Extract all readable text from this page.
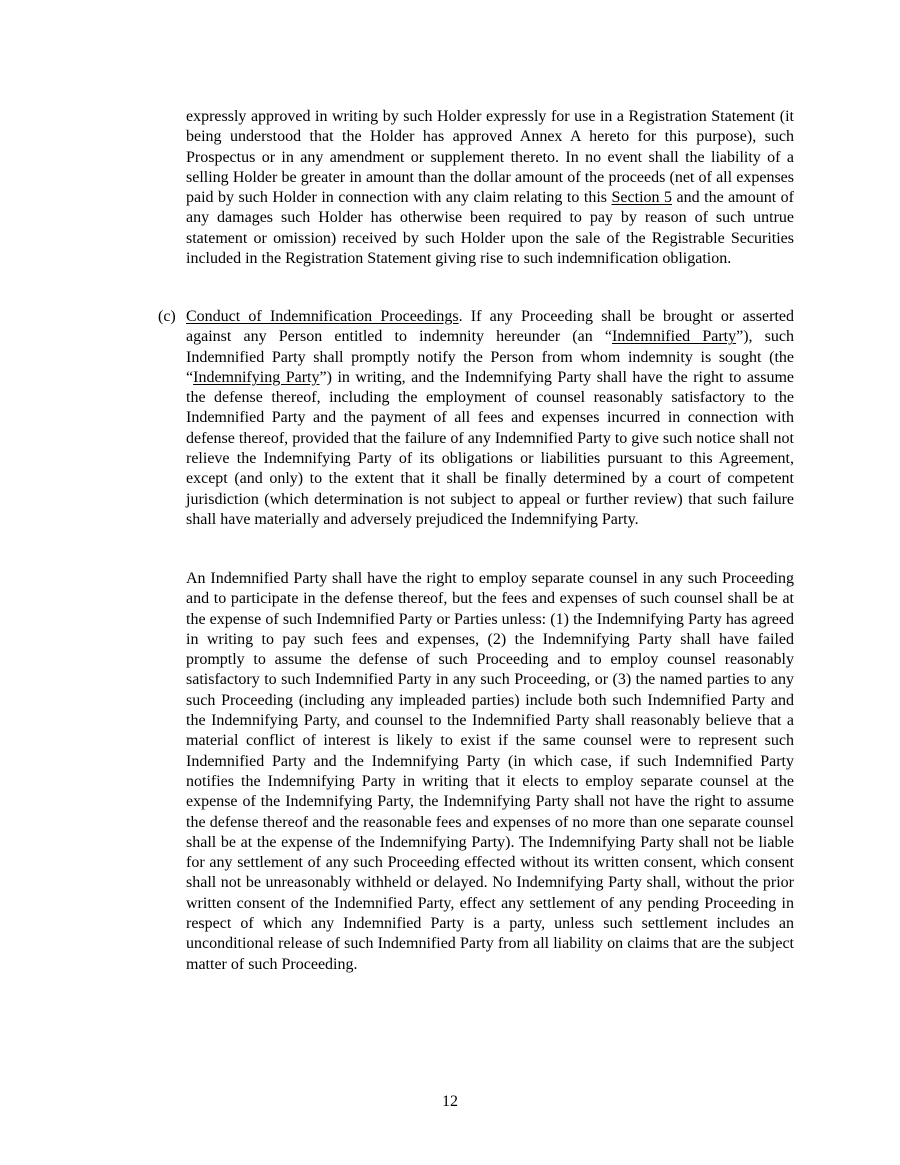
expressly approved in writing by such Holder expressly for use in a Registration Statement (it being understood that the Holder has approved Annex A hereto for this purpose), such Prospectus or in any amendment or supplement thereto. In no event shall the liability of a selling Holder be greater in amount than the dollar amount of the proceeds (net of all expenses paid by such Holder in connection with any claim relating to this Section 5 and the amount of any damages such Holder has otherwise been required to pay by reason of such untrue statement or omission) received by such Holder upon the sale of the Registrable Securities included in the Registration Statement giving rise to such indemnification obligation.

(c) Conduct of Indemnification Proceedings. If any Proceeding shall be brought or asserted against any Person entitled to indemnity hereunder (an “Indemnified Party”), such Indemnified Party shall promptly notify the Person from whom indemnity is sought (the “Indemnifying Party”) in writing, and the Indemnifying Party shall have the right to assume the defense thereof, including the employment of counsel reasonably satisfactory to the Indemnified Party and the payment of all fees and expenses incurred in connection with defense thereof, provided that the failure of any Indemnified Party to give such notice shall not relieve the Indemnifying Party of its obligations or liabilities pursuant to this Agreement, except (and only) to the extent that it shall be finally determined by a court of competent jurisdiction (which determination is not subject to appeal or further review) that such failure shall have materially and adversely prejudiced the Indemnifying Party.

An Indemnified Party shall have the right to employ separate counsel in any such Proceeding and to participate in the defense thereof, but the fees and expenses of such counsel shall be at the expense of such Indemnified Party or Parties unless: (1) the Indemnifying Party has agreed in writing to pay such fees and expenses, (2) the Indemnifying Party shall have failed promptly to assume the defense of such Proceeding and to employ counsel reasonably satisfactory to such Indemnified Party in any such Proceeding, or (3) the named parties to any such Proceeding (including any impleaded parties) include both such Indemnified Party and the Indemnifying Party, and counsel to the Indemnified Party shall reasonably believe that a material conflict of interest is likely to exist if the same counsel were to represent such Indemnified Party and the Indemnifying Party (in which case, if such Indemnified Party notifies the Indemnifying Party in writing that it elects to employ separate counsel at the expense of the Indemnifying Party, the Indemnifying Party shall not have the right to assume the defense thereof and the reasonable fees and expenses of no more than one separate counsel shall be at the expense of the Indemnifying Party). The Indemnifying Party shall not be liable for any settlement of any such Proceeding effected without its written consent, which consent shall not be unreasonably withheld or delayed. No Indemnifying Party shall, without the prior written consent of the Indemnified Party, effect any settlement of any pending Proceeding in respect of which any Indemnified Party is a party, unless such settlement includes an unconditional release of such Indemnified Party from all liability on claims that are the subject matter of such Proceeding.

12
